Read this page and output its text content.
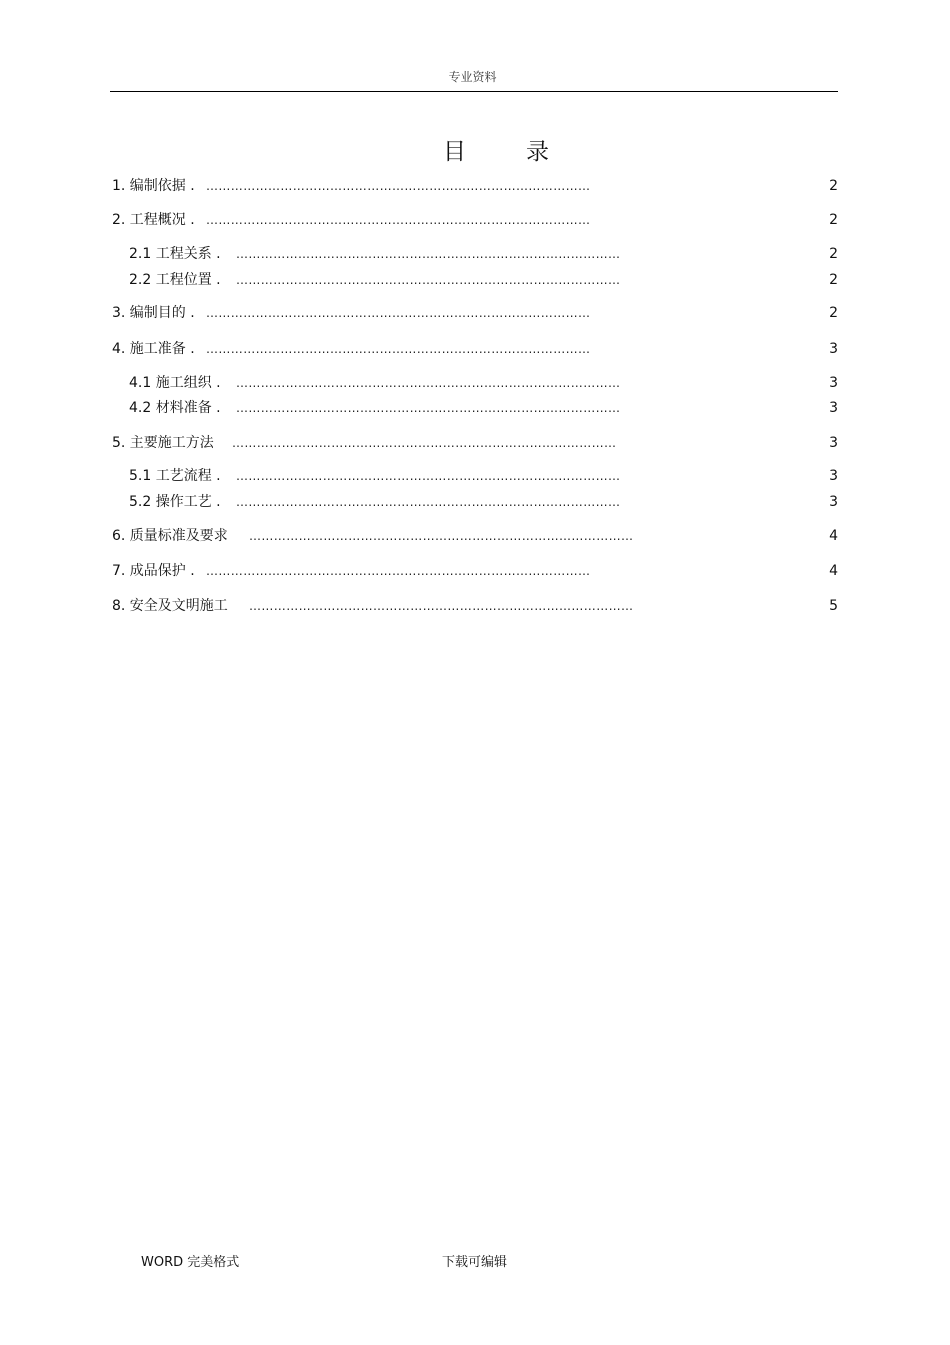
专业资料
目	录
1. 编制依据 . …………………………………………………………………………………	2
2. 工程概况 . …………………………………………………………………………………	2
2.1 工程关系 . …………………………………………………………………………………	2
2.2 工程位置 . …………………………………………………………………………………	2
3. 编制目的 . …………………………………………………………………………………	2
4. 施工准备 . …………………………………………………………………………………	3
4.1 施工组织 . …………………………………………………………………………………	3
4.2 材料准备 . …………………………………………………………………………………	3
5. 主要施工方法 …………………………………………………………………………………	3
5.1 工艺流程 . …………………………………………………………………………………	3
5.2 操作工艺 . …………………………………………………………………………………	3
6. 质量标准及要求 …………………………………………………………………………………	4
7. 成品保护 . …………………………………………………………………………………	4
8. 安全及文明施工 …………………………………………………………………………………	5
WORD 完美格式	下载可编辑
